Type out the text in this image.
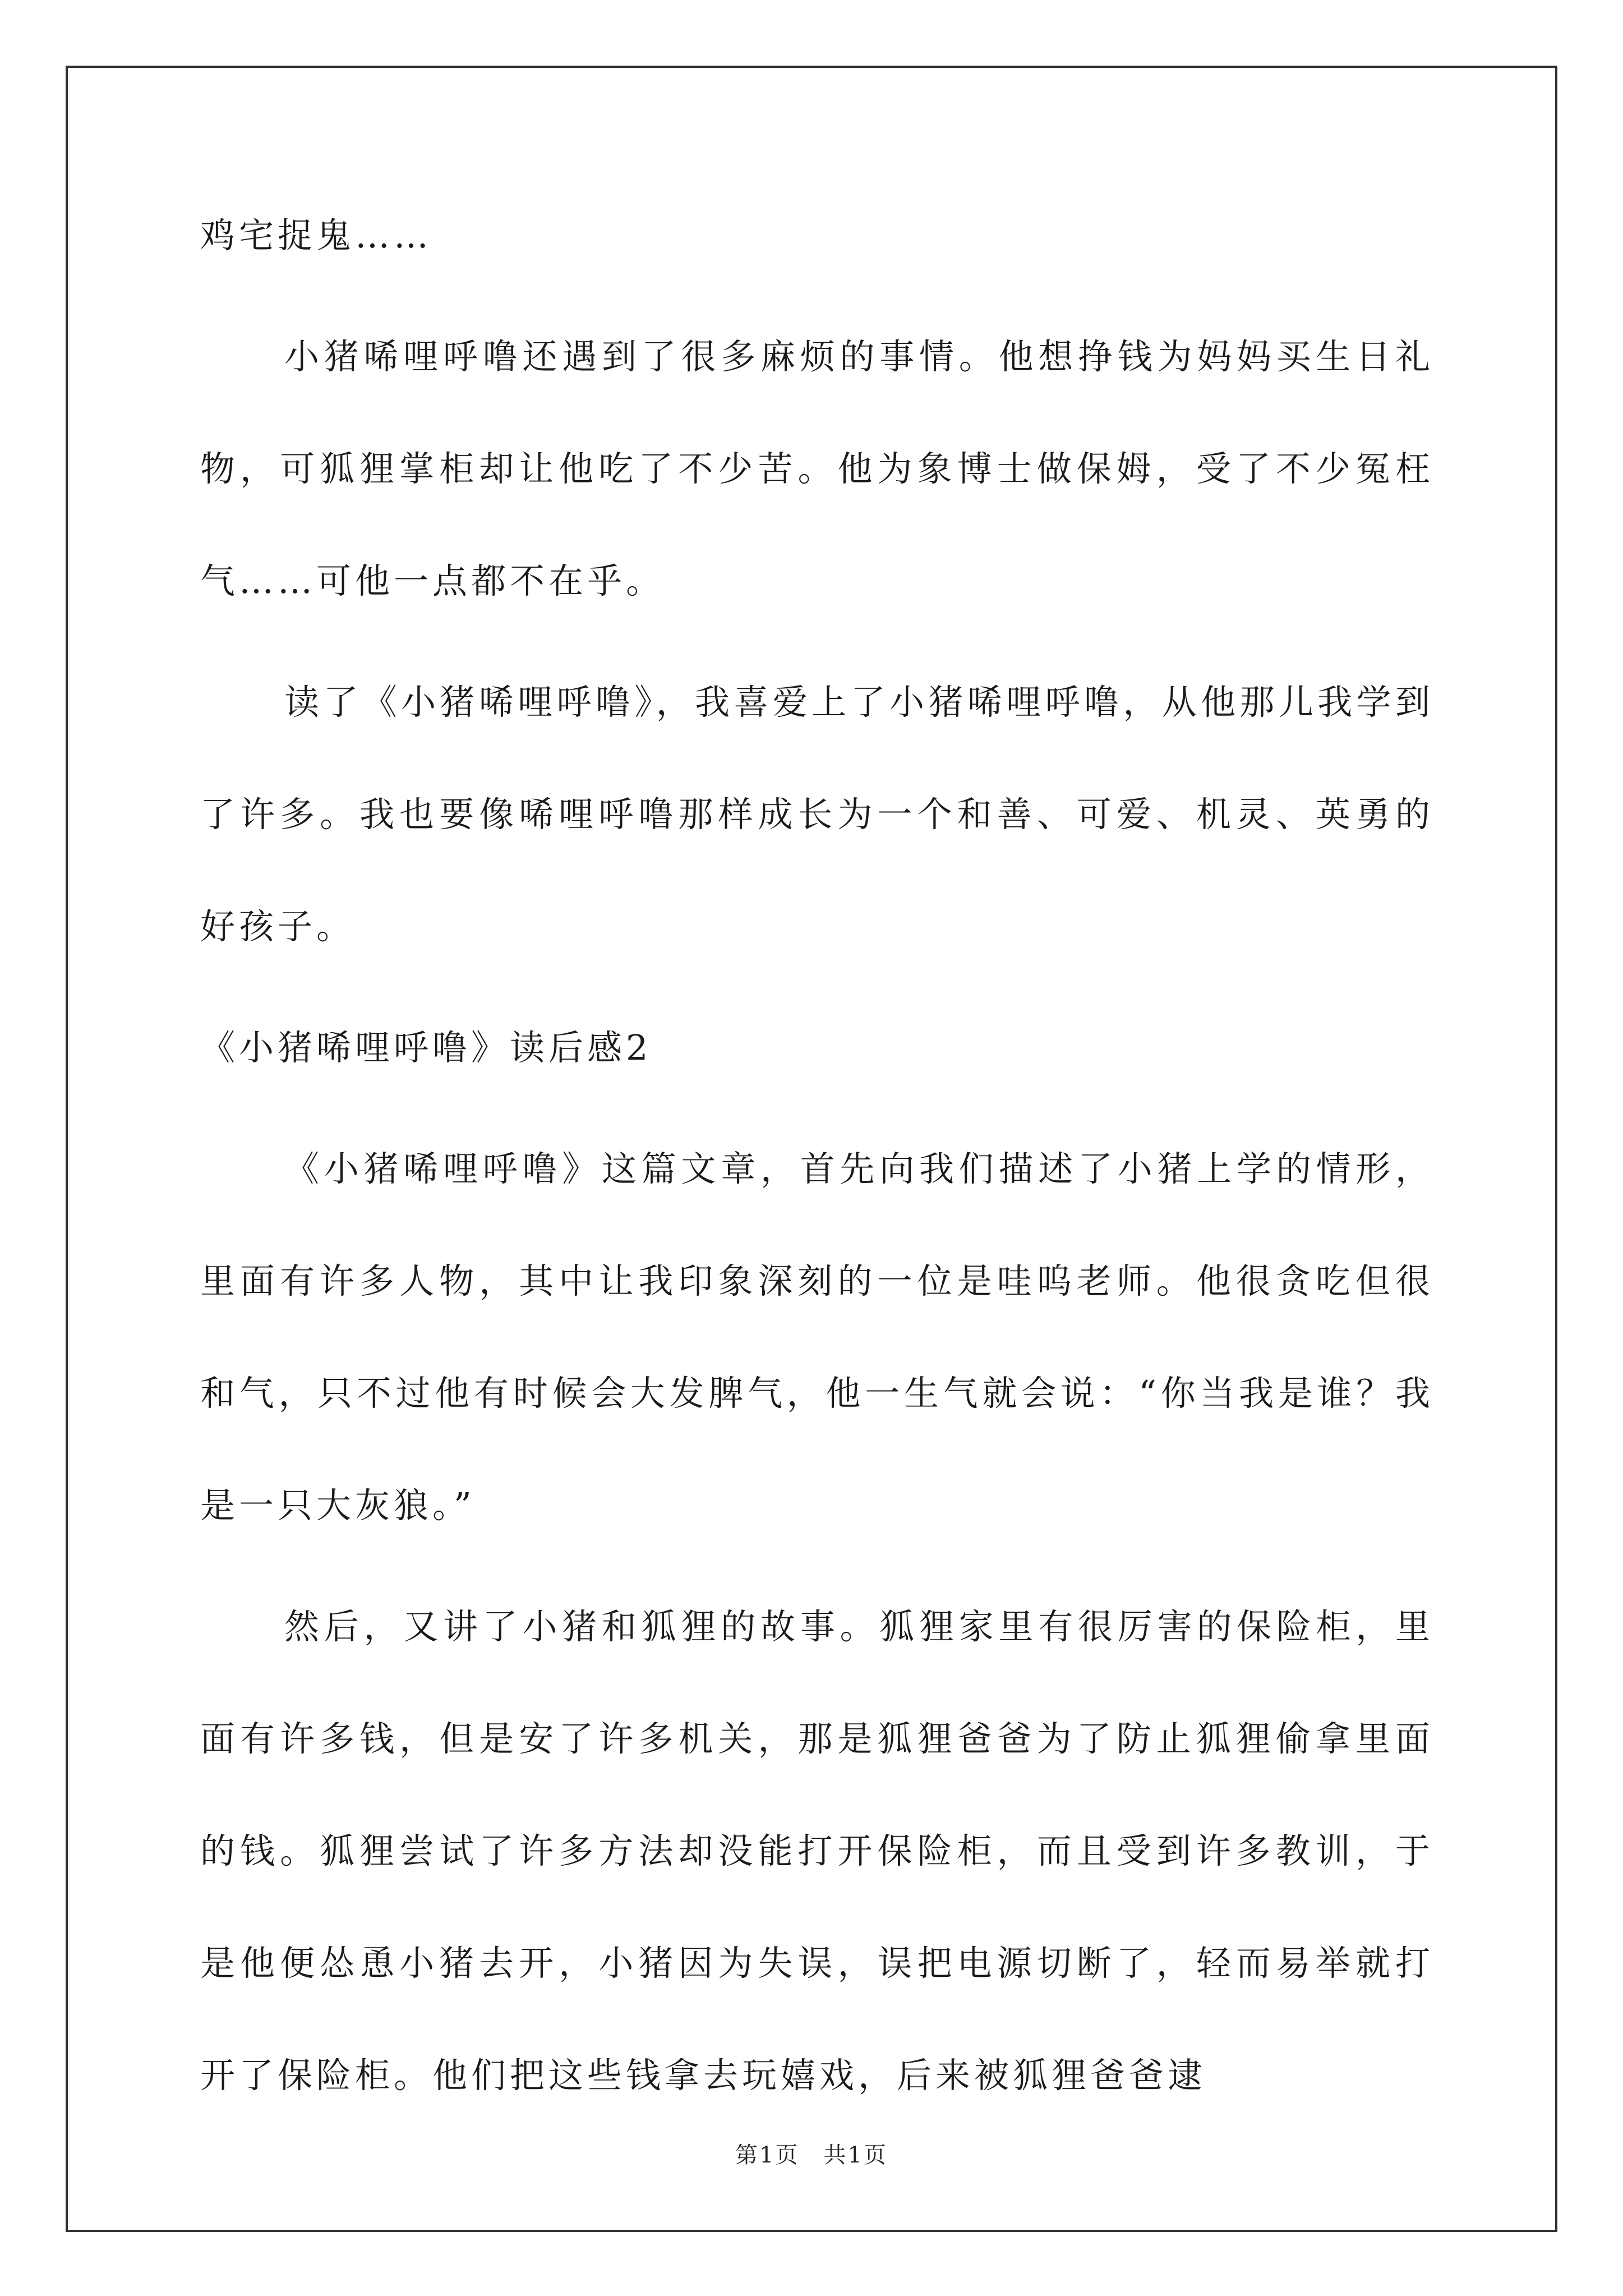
鸡宅捉鬼……

小猪唏哩呼噜还遇到了很多麻烦的事情。他想挣钱为妈妈买生日礼物，可狐狸掌柜却让他吃了不少苦。他为象博士做保姆，受了不少冤枉气……可他一点都不在乎。

读了《小猪唏哩呼噜》，我喜爱上了小猪唏哩呼噜，从他那儿我学到了许多。我也要像唏哩呼噜那样成长为一个和善、可爱、机灵、英勇的好孩子。

《小猪唏哩呼噜》读后感2

《小猪唏哩呼噜》这篇文章，首先向我们描述了小猪上学的情形，里面有许多人物，其中让我印象深刻的一位是哇呜老师。他很贪吃但很和气，只不过他有时候会大发脾气，他一生气就会说：“你当我是谁？我是一只大灰狼。”

然后，又讲了小猪和狐狸的故事。狐狸家里有很厉害的保险柜，里面有许多钱，但是安了许多机关，那是狐狸爸爸为了防止狐狸偷拿里面的钱。狐狸尝试了许多方法却没能打开保险柜，而且受到许多教训，于是他便怂恿小猪去开，小猪因为失误，误把电源切断了，轻而易举就打开了保险柜。他们把这些钱拿去玩嬉戏，后来被狐狸爸爸逮

第1页　共1页
